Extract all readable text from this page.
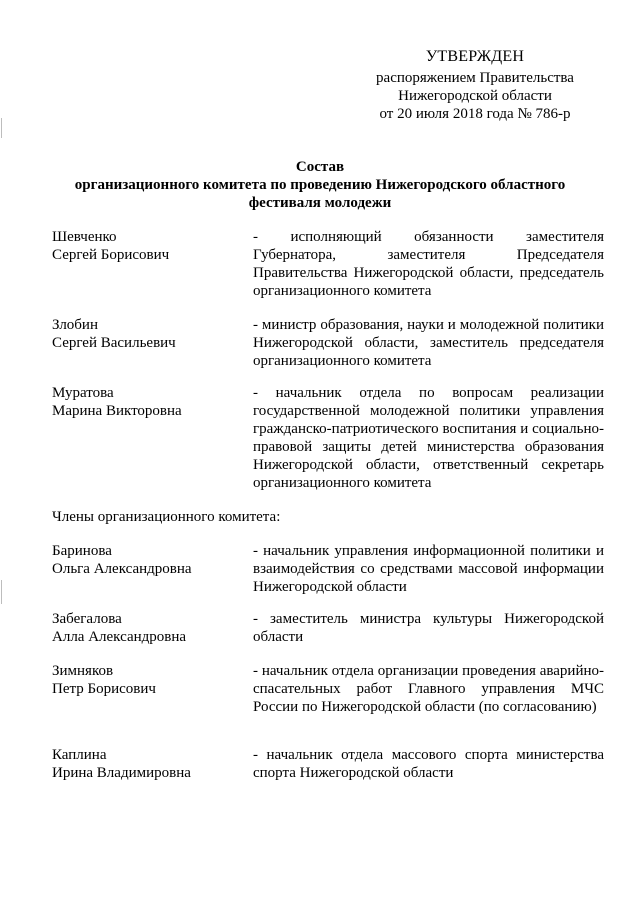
УТВЕРЖДЕН
распоряжением Правительства
Нижегородской области
от 20 июля 2018 года № 786-р
Состав
организационного комитета по проведению Нижегородского областного
фестиваля молодежи
Шевченко
Сергей Борисович
- исполняющий обязанности заместителя Губернатора, заместителя Председателя Правительства Нижегородской области, председатель организационного комитета
Злобин
Сергей Васильевич
- министр образования, науки и молодежной политики Нижегородской области, заместитель председателя организационного комитета
Муратова
Марина Викторовна
- начальник отдела по вопросам реализации государственной молодежной политики управления гражданско-патриотического воспитания и социально-правовой защиты детей министерства образования Нижегородской области, ответственный секретарь организационного комитета
Члены организационного комитета:
Баринова
Ольга Александровна
- начальник управления информационной политики и взаимодействия со средствами массовой информации Нижегородской области
Забегалова
Алла Александровна
- заместитель министра культуры Нижегородской области
Зимняков
Петр Борисович
- начальник отдела организации проведения аварийно-спасательных работ Главного управления МЧС России по Нижегородской области (по согласованию)
Каплина
Ирина Владимировна
- начальник отдела массового спорта министерства спорта Нижегородской области
